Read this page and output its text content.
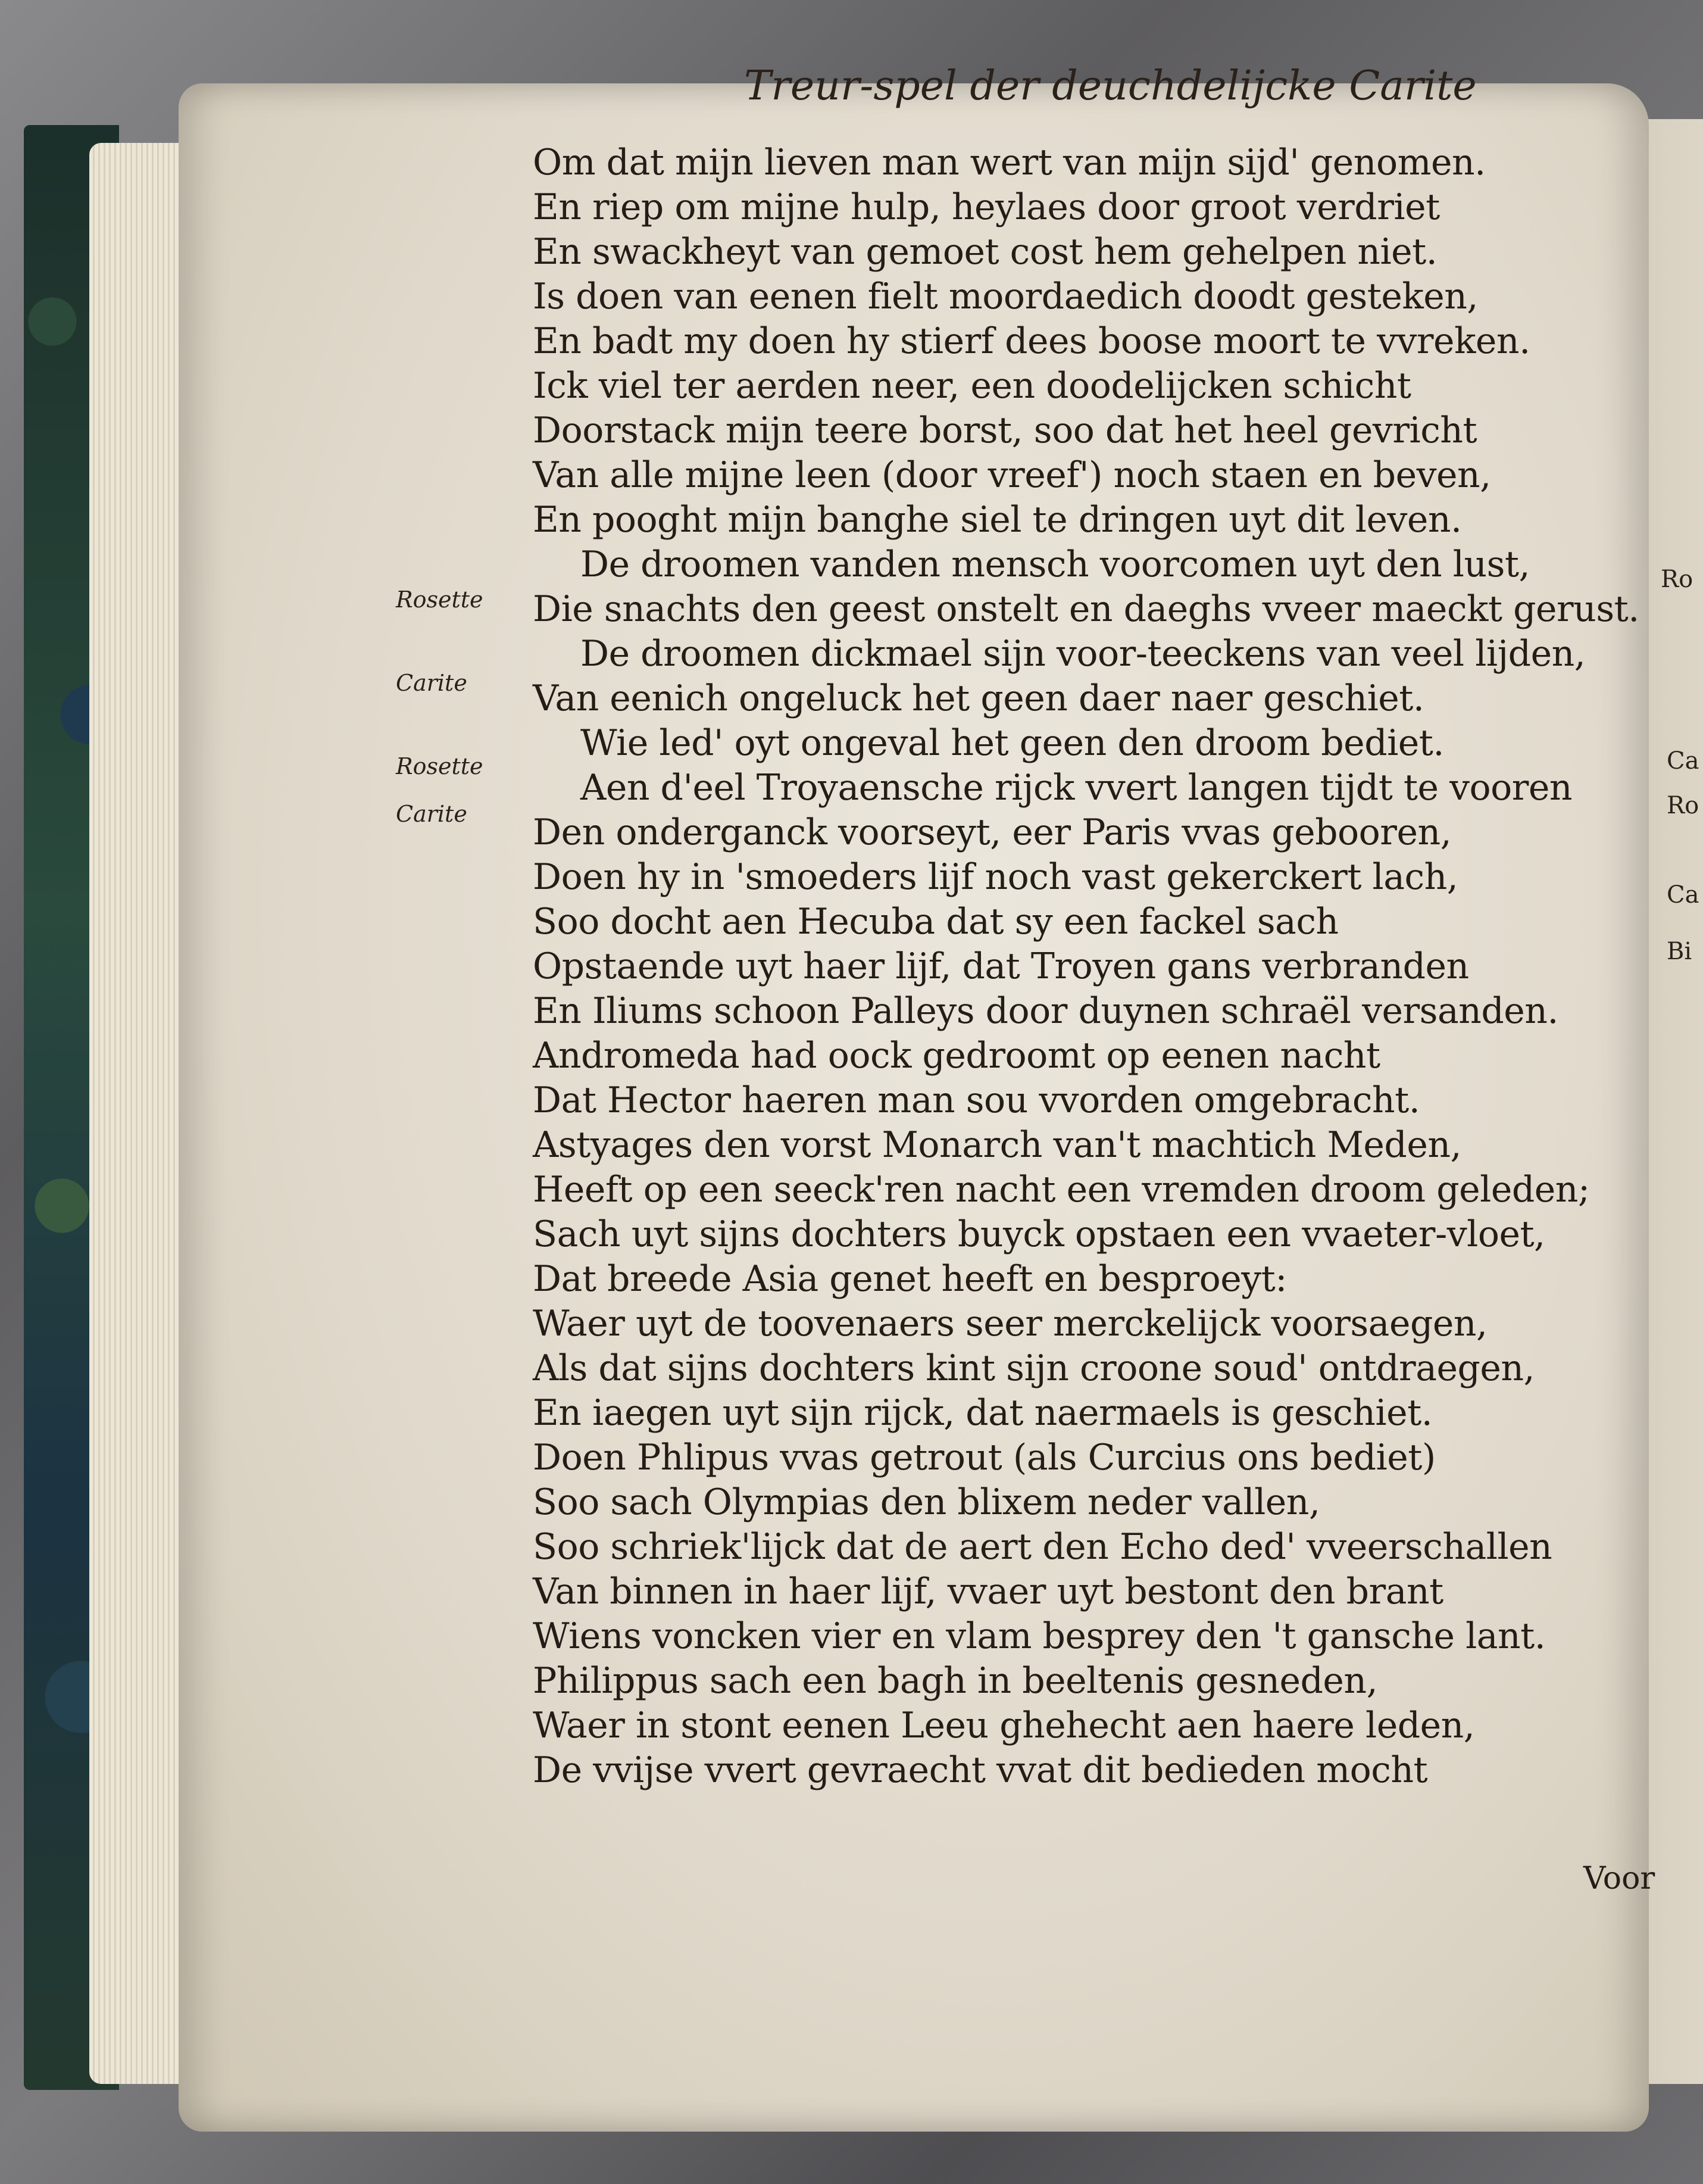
Treur-spel der deuchdelijcke Carite
Om dat mijn lieven man wert van mijn sijd' genomen.
En riep om mijne hulp, heylaes door groot verdriet
En swackheyt van gemoet cost hem gehelpen niet.
Is doen van eenen fielt moordaedich doodt gesteken,
En badt my doen hy stierf dees boose moort te vvreken.
Ick viel ter aerden neer, een doodelijcken schicht
Doorstack mijn teere borst, soo dat het heel gevricht
Van alle mijne leen (door vreef') noch staen en beven,
En pooght mijn banghe siel te dringen uyt dit leven.
De droomen vanden mensch voorcomen uyt den lust,
Die snachts den geest onstelt en daeghs vveer maeckt gerust.
De droomen dickmael sijn voor-teeckens van veel lijden,
Van eenich ongeluck het geen daer naer geschiet.
Wie led' oyt ongeval het geen den droom bediet.
Aen d'eel Troyaensche rijck vvert langen tijdt te vooren
Den onderganck voorseyt, eer Paris vvas gebooren,
Doen hy in 'smoeders lijf noch vast gekerckert lach,
Soo docht aen Hecuba dat sy een fackel sach
Opstaende uyt haer lijf, dat Troyen gans verbranden
En Iliums schoon Palleys door duynen schraël versanden.
Andromeda had oock gedroomt op eenen nacht
Dat Hector haeren man sou vvorden omgebracht.
Astyages den vorst Monarch van't machtich Meden,
Heeft op een seeck'ren nacht een vremden droom geleden;
Sach uyt sijns dochters buyck opstaen een vvaeter-vloet,
Dat breede Asia genet heeft en besproeyt:
Waer uyt de toovenaers seer merckelijck voorsaegen,
Als dat sijns dochters kint sijn croone soud' ontdraegen,
En iaegen uyt sijn rijck, dat naermaels is geschiet.
Doen Phlipus vvas getrout (als Curcius ons bediet)
Soo sach Olympias den blixem neder vallen,
Soo schriek'lijck dat de aert den Echo ded' vveerschallen
Van binnen in haer lijf, vvaer uyt bestont den brant
Wiens voncken vier en vlam besprey den 't gansche lant.
Philippus sach een bagh in beeltenis gesneden,
Waer in stont eenen Leeu ghehecht aen haere leden,
De vvijse vvert gevraecht vvat dit bedieden mocht
Rosette
Carite
Rosette
Carite
Ro
Ca
Ro
Ca
Bi
Voor
